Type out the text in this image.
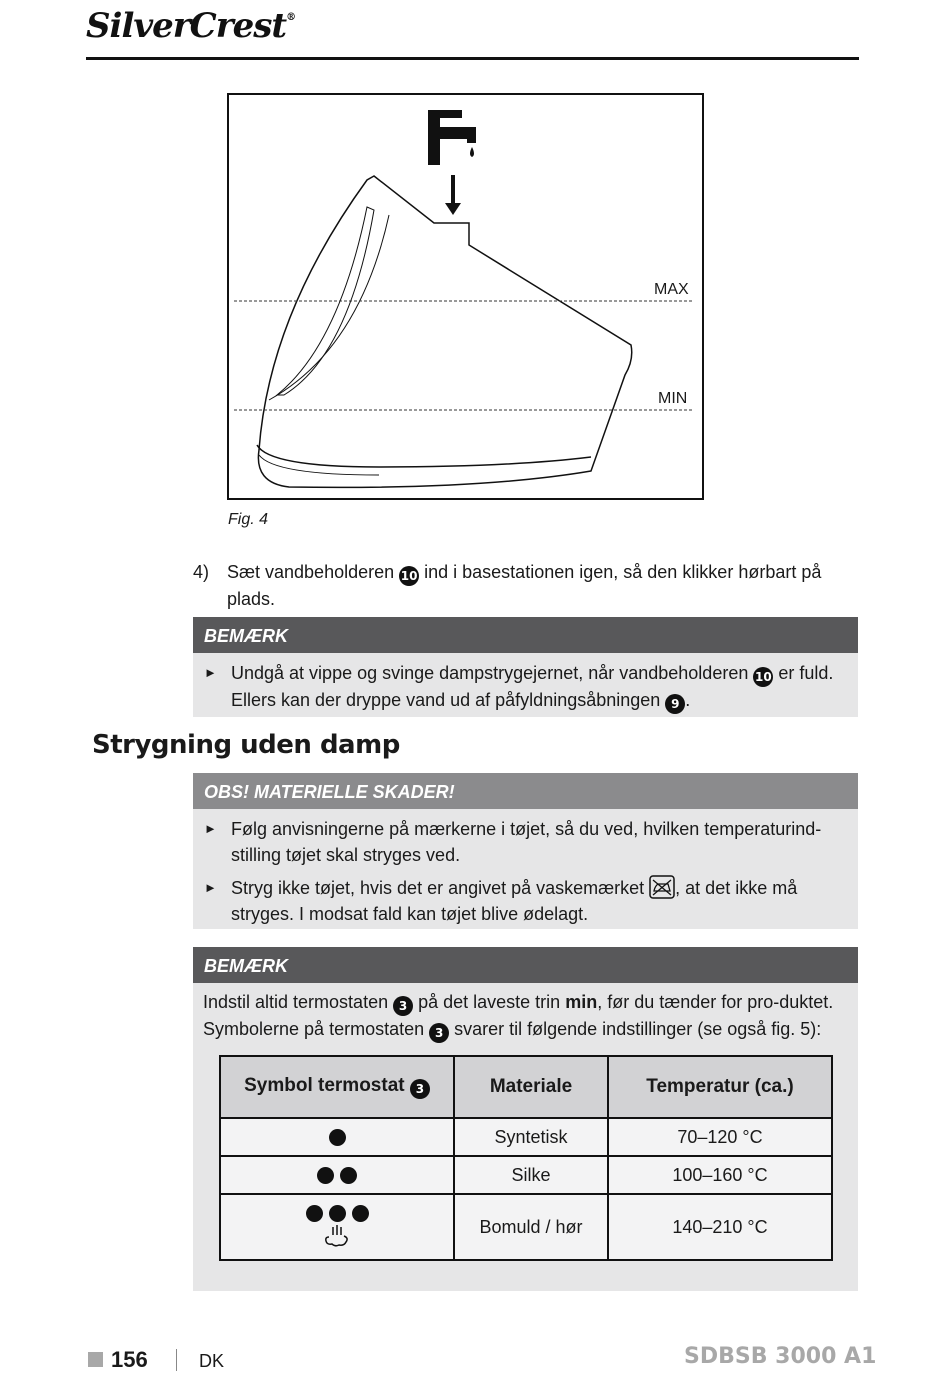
SilverCrest®
MAX
MIN
Fig. 4
4) Sæt vandbeholderen 10 ind i basestationen igen, så den klikker hørbart på plads.
BEMÆRK
► Undgå at vippe og svinge dampstrygejernet, når vandbeholderen 10 er fuld. Ellers kan der dryppe vand ud af påfyldningsåbningen 9 .
Strygning uden damp
OBS! MATERIELLE SKADER!
► Følg anvisningerne på mærkerne i tøjet, så du ved, hvilken temperaturind-stilling tøjet skal stryges ved.
► Stryg ikke tøjet, hvis det er angivet på vaskemærket , at det ikke må stryges. I modsat fald kan tøjet blive ødelagt.
BEMÆRK
Indstil altid termostaten 3 på det laveste trin min, før du tænder for pro-duktet. Symbolerne på termostaten 3 svarer til følgende indstillinger (se også fig. 5):
Symbol termostat 3	Materiale	Temperatur (ca.)
	Syntetisk	70–120 °C
	Silke	100–160 °C

	Bomuld / hør	140–210 °C
156	DK	SDBSB 3000 A1
